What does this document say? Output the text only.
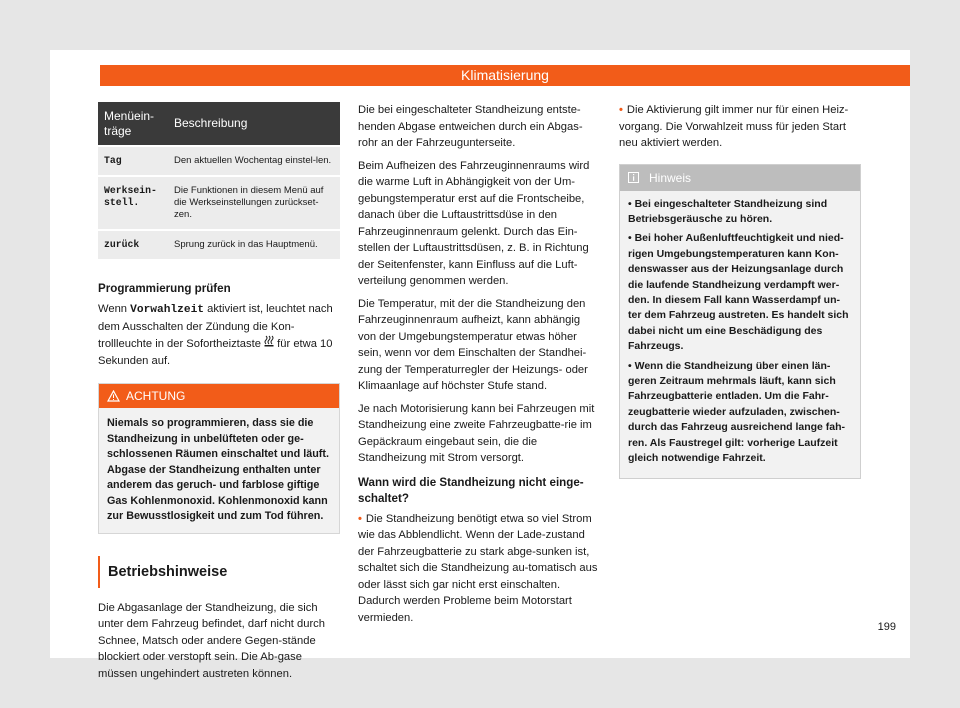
Klimatisierung
Menüein-
träge	Beschreibung
Tag	Den aktuellen Wochentag einstel-len.
Werksein-stell.	Die Funktionen in diesem Menü auf die Werkseinstellungen zurückset-zen.
zurück	Sprung zurück in das Hauptmenü.
Programmierung prüfen

Wenn Vorwahlzeit aktiviert ist, leuchtet nach dem Ausschalten der Zündung die Kon-trollleuchte in der Sofortheiztaste
für etwa 10 Sekunden auf.

ACHTUNG
Niemals so programmieren, dass sie die Standheizung in unbelüfteten oder ge-schlossenen Räumen einschaltet und läuft. Abgase der Standheizung enthalten unter anderem das geruch- und farblose giftige Gas Kohlenmonoxid. Kohlenmonoxid kann zur Bewusstlosigkeit und zum Tod führen.
Betriebshinweise

Die Abgasanlage der Standheizung, die sich unter dem Fahrzeug befindet, darf nicht durch Schnee, Matsch oder andere Gegen-stände blockiert oder verstopft sein. Die Ab-gase müssen ungehindert austreten können.

Die bei eingeschalteter Standheizung entste-henden Abgase entweichen durch ein Abgas-rohr an der Fahrzeugunterseite.

Beim Aufheizen des Fahrzeuginnenraums wird die warme Luft in Abhängigkeit von der Um-gebungstemperatur erst auf die Frontscheibe, danach über die Luftaustrittsdüse in den Fahrzeuginnenraum gelenkt. Durch das Ein-stellen der Luftaustrittsdüsen, z. B. in Richtung der Seitenfenster, kann Einfluss auf die Luft-verteilung genommen werden.

Die Temperatur, mit der die Standheizung den Fahrzeuginnenraum aufheizt, kann abhängig von der Umgebungstemperatur etwas höher sein, wenn vor dem Einschalten der Standhei-zung der Temperaturregler der Heizungs- oder Klimaanlage auf höchster Stufe stand.

Je nach Motorisierung kann bei Fahrzeugen mit Standheizung eine zweite Fahrzeugbatte-rie im Gepäckraum eingebaut sein, die die Standheizung mit Strom versorgt.

Wann wird die Standheizung nicht einge-schaltet?

• Die Standheizung benötigt etwa so viel Strom wie das Abblendlicht. Wenn der Lade-zustand der Fahrzeugbatterie zu stark abge-sunken ist, schaltet sich die Standheizung au-tomatisch aus oder lässt sich gar nicht erst einschalten. Dadurch werden Probleme beim Motorstart vermieden.

• Die Aktivierung gilt immer nur für einen Heiz-vorgang. Die Vorwahlzeit muss für jeden Start neu aktiviert werden.

Hinweis
• Bei eingeschalteter Standheizung sind Betriebsgeräusche zu hören.
• Bei hoher Außenluftfeuchtigkeit und nied-rigen Umgebungstemperaturen kann Kon-denswasser aus der Heizungsanlage durch die laufende Standheizung verdampft wer-den. In diesem Fall kann Wasserdampf un-ter dem Fahrzeug austreten. Es handelt sich dabei nicht um eine Beschädigung des Fahrzeugs.
• Wenn die Standheizung über einen län-geren Zeitraum mehrmals läuft, kann sich Fahrzeugbatterie entladen. Um die Fahr-zeugbatterie wieder aufzuladen, zwischen-durch das Fahrzeug ausreichend lange fah-ren. Als Faustregel gilt: vorherige Laufzeit gleich notwendige Fahrzeit.
199
